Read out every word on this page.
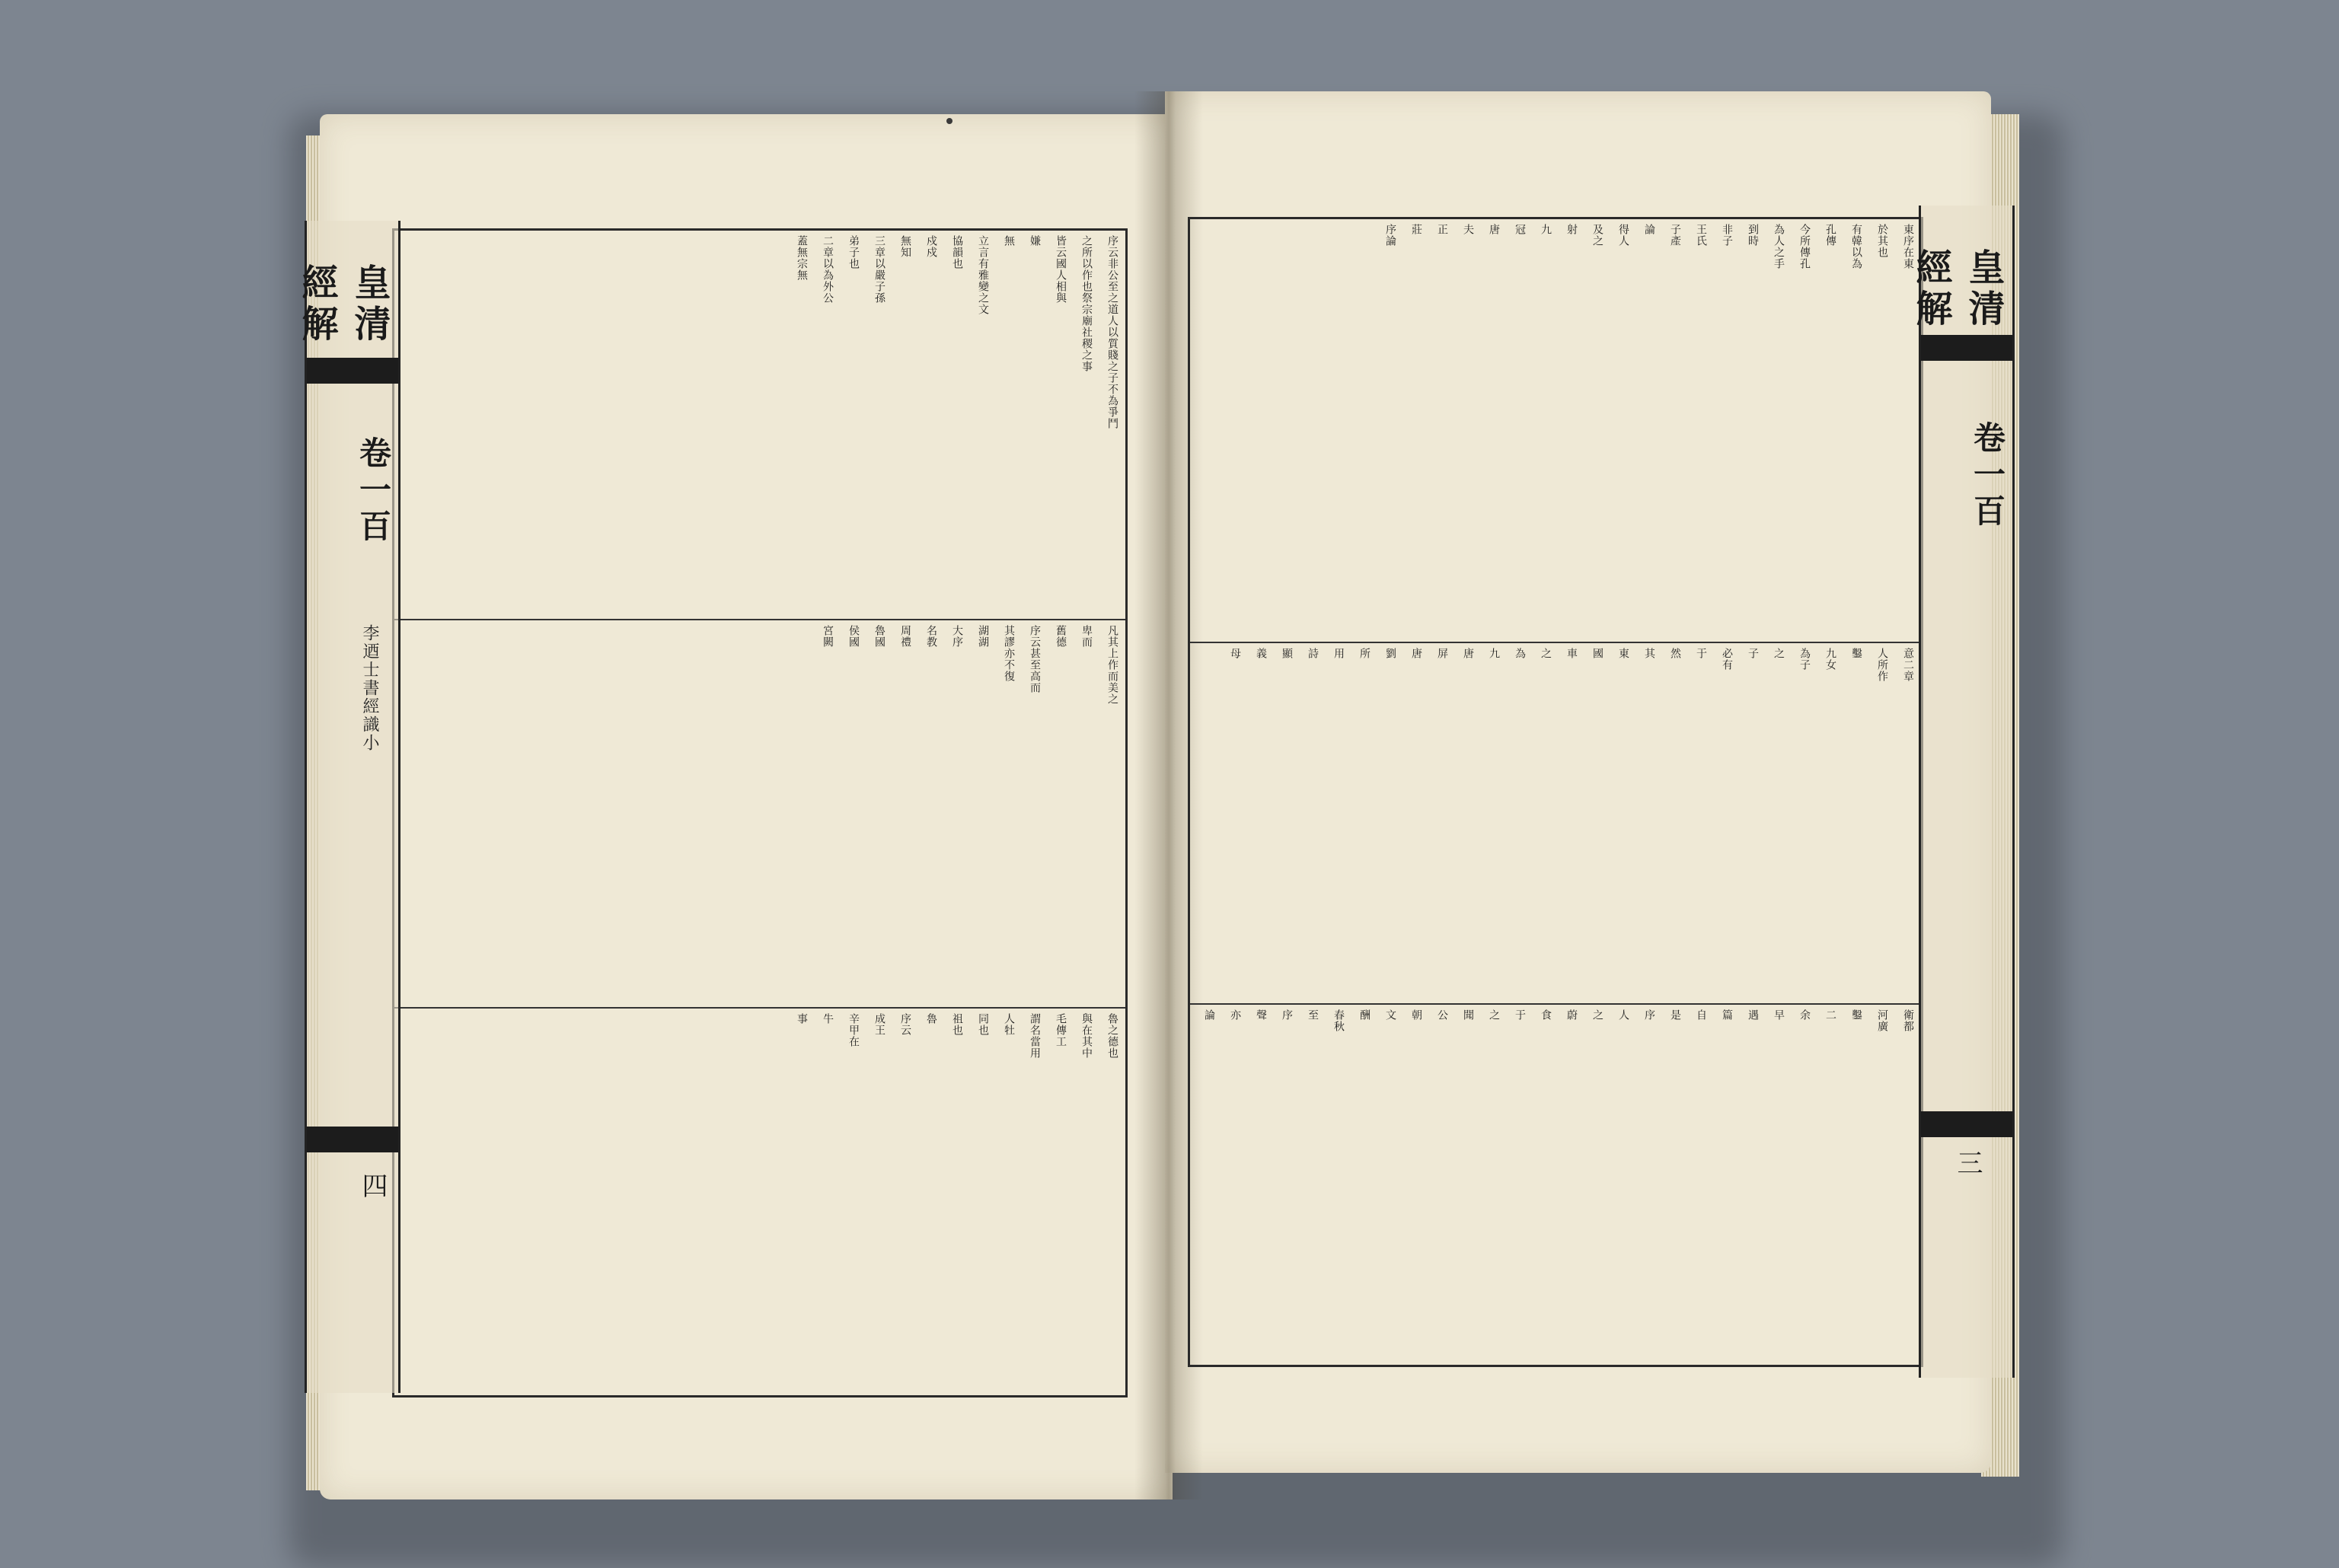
序云非公至之道人以質賤之子不為爭鬥
之所以作也祭宗廟社稷之事
皆云國人相與
嫌
無
立言有雅變之文
協韻也
戍戍
無知
三章以嚴子孫
弟子也
二章以為外公
蓋無宗無
凡其上作而美之
卑而
舊德
序云甚至高而
其謬亦不復
湖湖
大序
名教
周禮
魯國
侯國
宮闕
魯之德也
與在其中
毛傳工
謂名當用
人牡
同也
祖也
魯
序云
成王
辛甲在
牛
事
皇清經解
卷一百
四
李迺士書經識小
東序在東
於其也
有韓以為
孔傳
今所傳孔
為人之手
到時
非子
王氏
子產
論
得人
及之
射
九
冠
唐
夫
正
莊
序論
意二章
人所作
鑿
九女
為子
之
子
必有
于
然
其
東
國
車
之
為
九
唐
屏
唐
劉
所
用
詩
顯
義
母
衛都
河廣
鑿
二
余
早
遇
篇
自
是
序
人
之
蔚
食
于
之
聞
公
朝
文
酬
春秋
至
序
聲
亦
論
皇清經解
卷一百
三
